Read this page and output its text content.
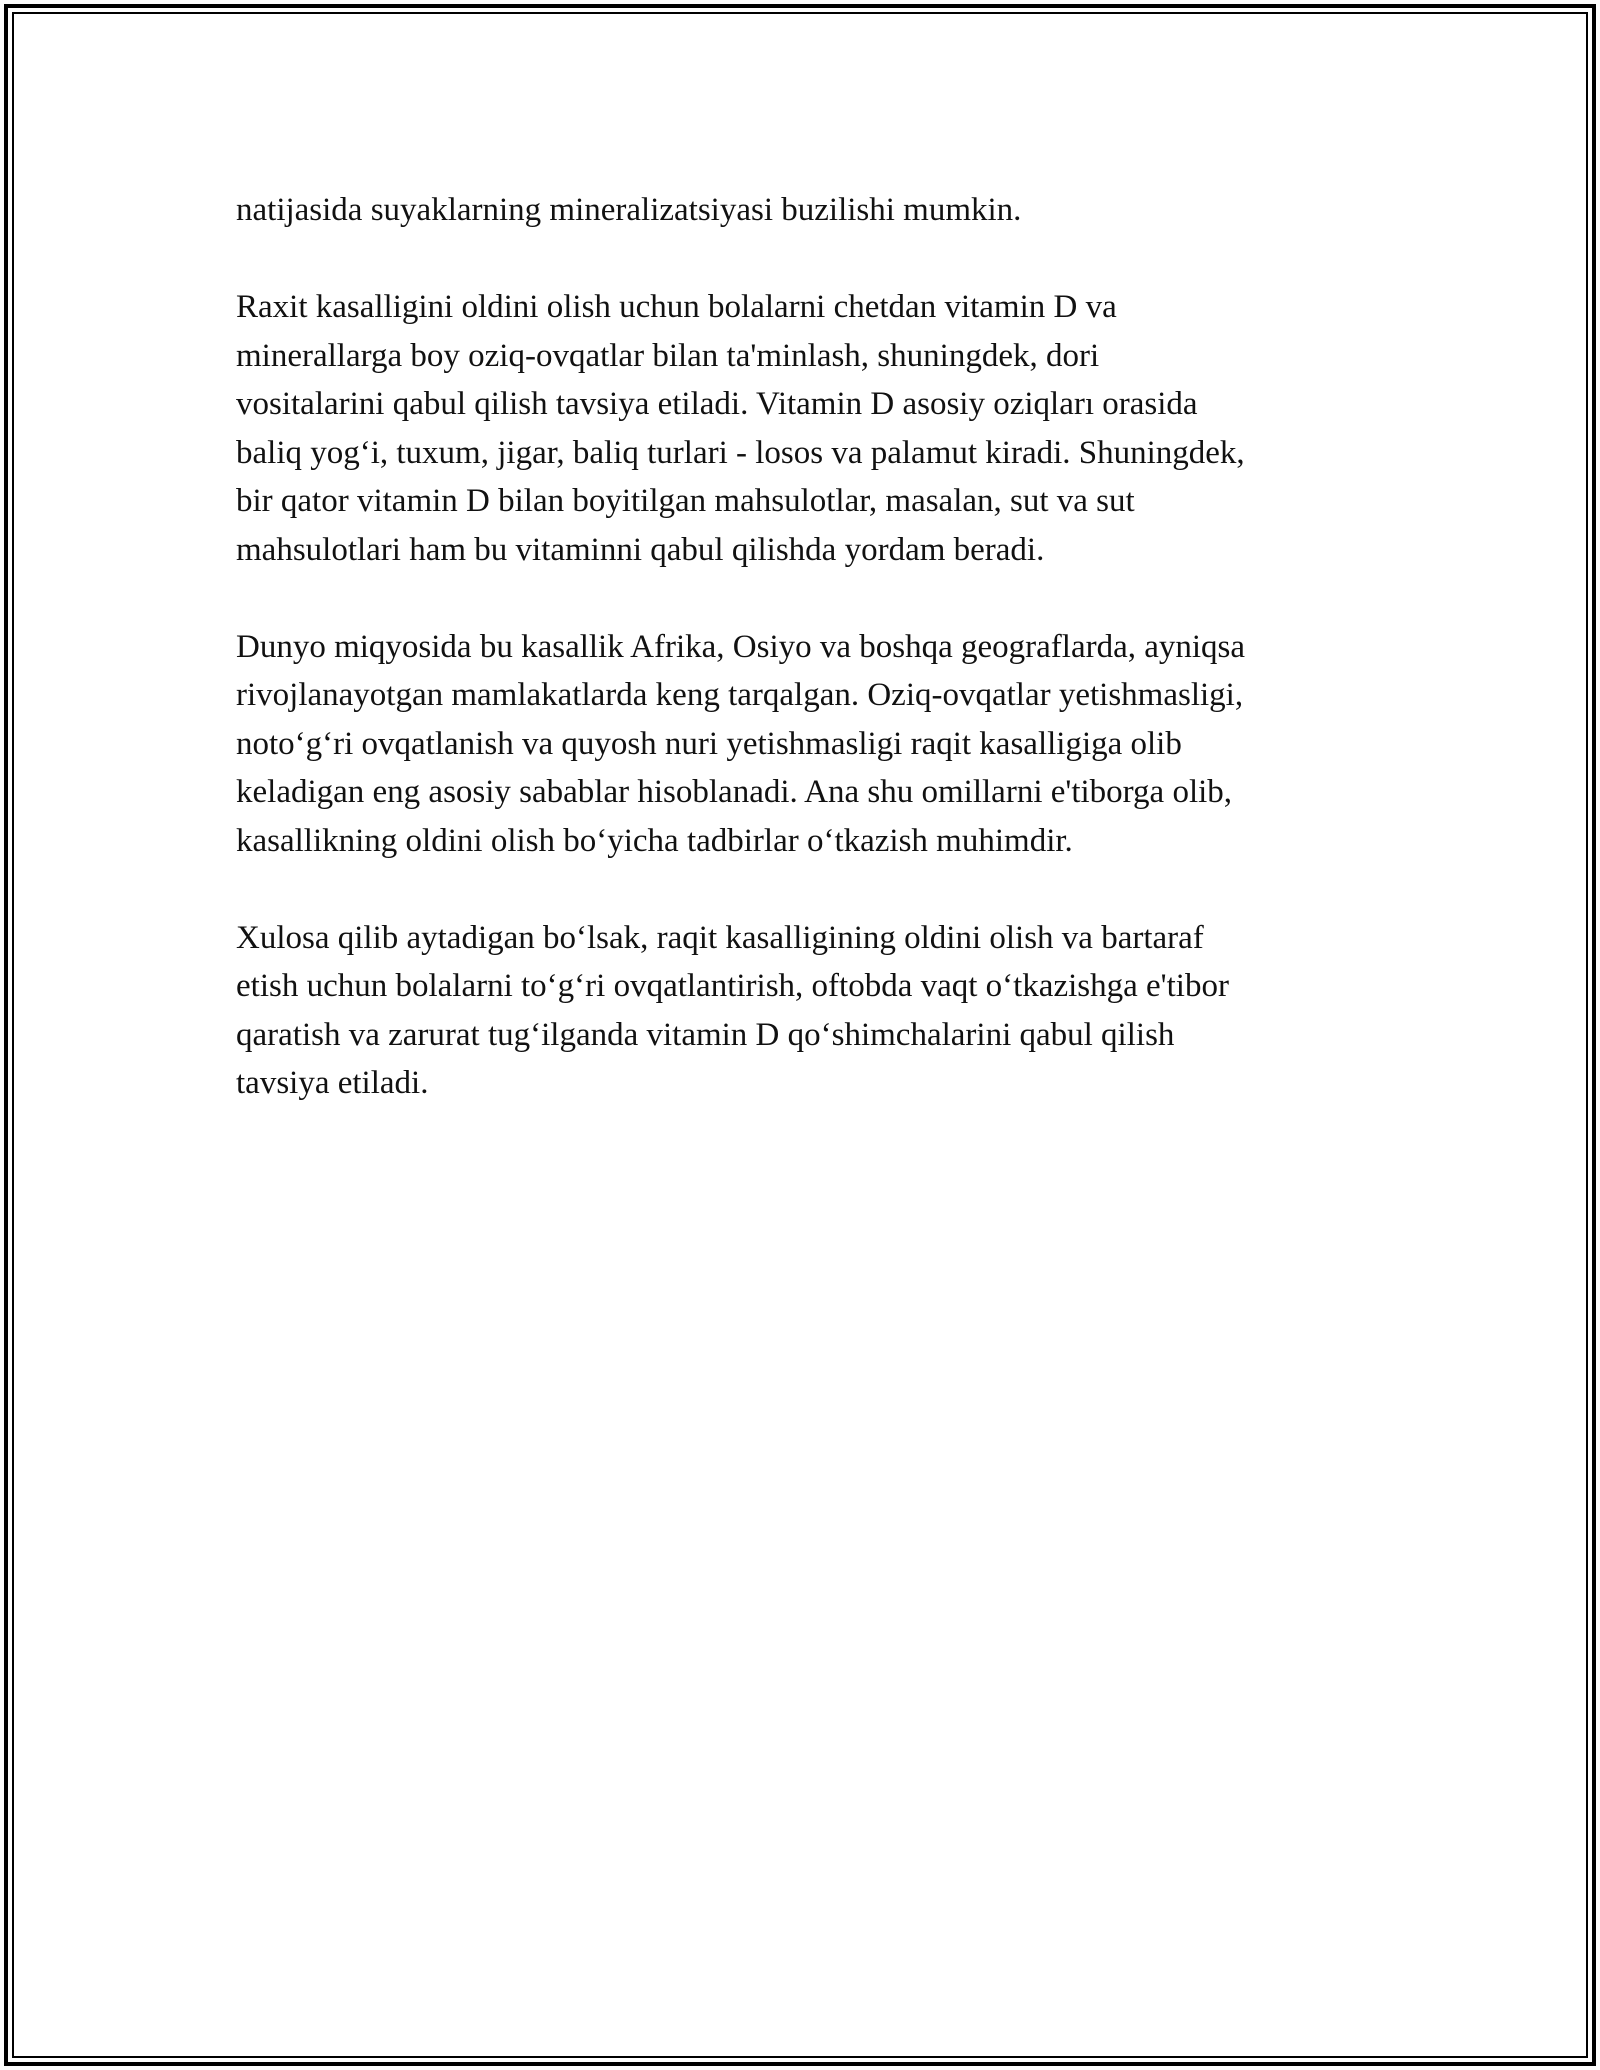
natijasida suyaklarning mineralizatsiyasi buzilishi mumkin.

Raxit kasalligini oldini olish uchun bolalarni chetdan vitamin D va
minerallarga boy oziq-ovqatlar bilan ta'minlash, shuningdek, dori
vositalarini qabul qilish tavsiya etiladi. Vitamin D asosiy oziqları orasida
baliq yog‘i, tuxum, jigar, baliq turlari - losos va palamut kiradi. Shuningdek,
bir qator vitamin D bilan boyitilgan mahsulotlar, masalan, sut va sut
mahsulotlari ham bu vitaminni qabul qilishda yordam beradi.

Dunyo miqyosida bu kasallik Afrika, Osiyo va boshqa geograflarda, ayniqsa
rivojlanayotgan mamlakatlarda keng tarqalgan. Oziq-ovqatlar yetishmasligi,
noto‘g‘ri ovqatlanish va quyosh nuri yetishmasligi raqit kasalligiga olib
keladigan eng asosiy sabablar hisoblanadi. Ana shu omillarni e'tiborga olib,
kasallikning oldini olish bo‘yicha tadbirlar o‘tkazish muhimdir.

Xulosa qilib aytadigan bo‘lsak, raqit kasalligining oldini olish va bartaraf
etish uchun bolalarni to‘g‘ri ovqatlantirish, oftobda vaqt o‘tkazishga e'tibor
qaratish va zarurat tug‘ilganda vitamin D qo‘shimchalarini qabul qilish
tavsiya etiladi.
